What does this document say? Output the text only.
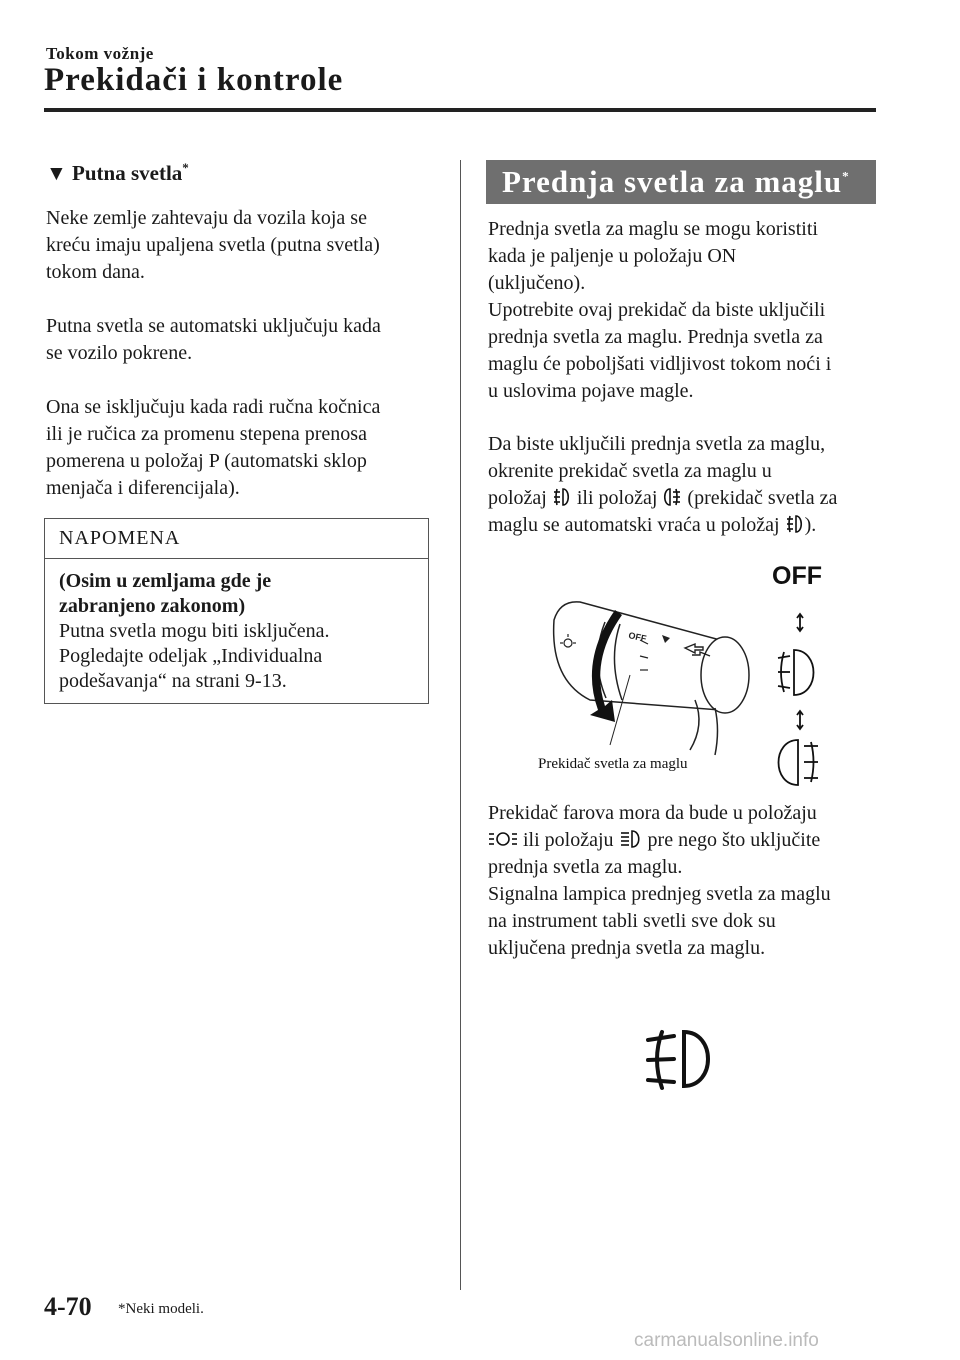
Tokom vožnje
Prekidači i kontrole
▼ Putna svetla*

Neke zemlje zahtevaju da vozila koja se

kreću imaju upaljena svetla (putna svetla)

tokom dana.

Putna svetla se automatski uključuju kada

se vozilo pokrene.

Ona se isključuju kada radi ručna kočnica

ili je ručica za promenu stepena prenosa

pomerena u položaj P (automatski sklop

menjača i diferencijala).

NAPOMENA
(Osim u zemljama gde je
zabranjeno zakonom)
Putna svetla mogu biti isključena.
Pogledajte odeljak „Individualna
podešavanja“ na strani 9-13.
Prednja svetla za maglu*

Prednja svetla za maglu se mogu koristiti

kada je paljenje u položaju ON

(uključeno).

Upotrebite ovaj prekidač da biste uključili

prednja svetla za maglu. Prednja svetla za

maglu će poboljšati vidljivost tokom noći i

u uslovima pojave magle.

Da biste uključili prednja svetla za maglu,

okrenite prekidač svetla za maglu u

položaj ili položaj (prekidač svetla za

maglu se automatski vraća u položaj ).

OFF
OFF
Prekidač svetla za maglu

Prekidač farova mora da bude u položaju

ili položaju pre nego što uključite

prednja svetla za maglu.

Signalna lampica prednjeg svetla za maglu

na instrument tabli svetli sve dok su

uključena prednja svetla za maglu.

4-70 *Neki modeli.
carmanualsonline.info
